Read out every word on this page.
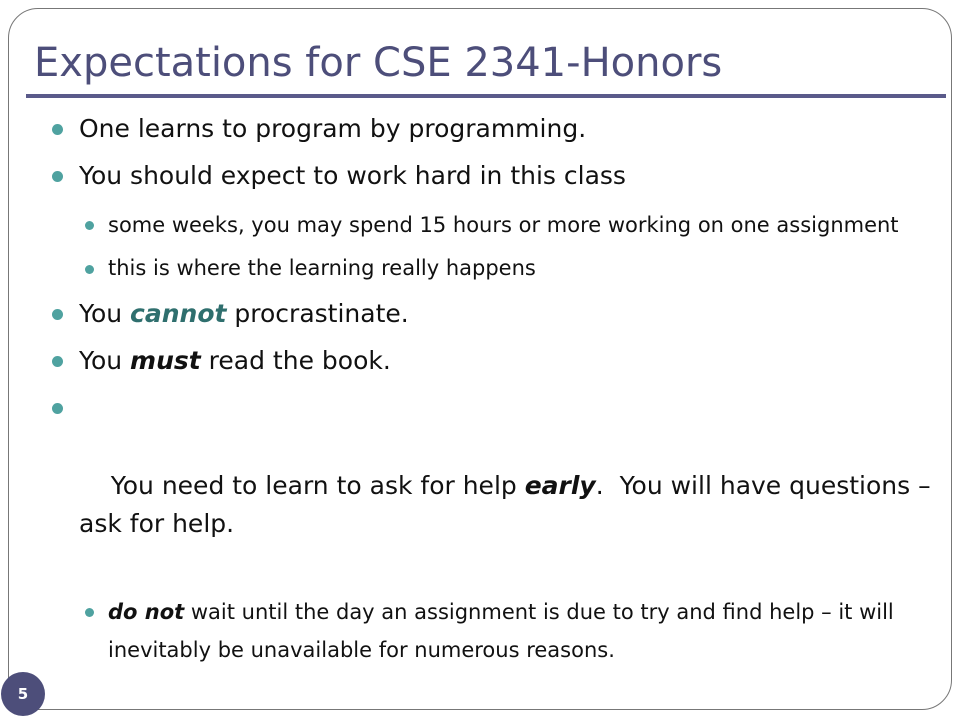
Expectations for CSE 2341-Honors
One learns to program by programming.
You should expect to work hard in this class
some weeks, you may spend 15 hours or more working on one assignment
this is where the learning really happens
You cannot procrastinate.
You must read the book.

You need to learn to ask for help early.  You will have questions – ask for help.

do not wait until the day an assignment is due to try and find help – it will inevitably be unavailable for numerous reasons.
5
